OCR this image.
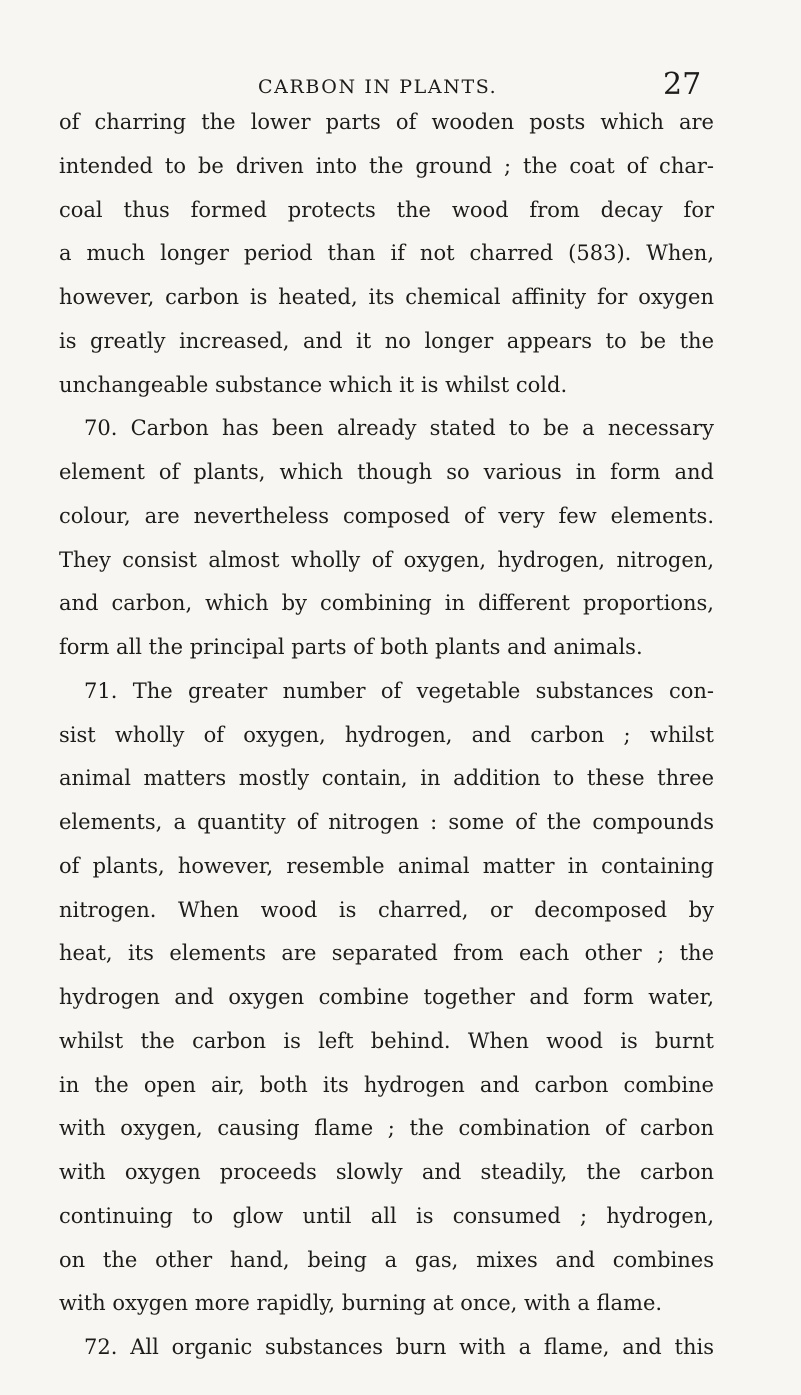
CARBON IN PLANTS.	27
of charring the lower parts of wooden posts which are
intended to be driven into the ground ; the coat of char-
coal thus formed protects the wood from decay for
a much longer period than if not charred (583). When,
however, carbon is heated, its chemical affinity for oxygen
is greatly increased, and it no longer appears to be the
unchangeable substance which it is whilst cold.
70. Carbon has been already stated to be a necessary
element of plants, which though so various in form and
colour, are nevertheless composed of very few elements.
They consist almost wholly of oxygen, hydrogen, nitrogen,
and carbon, which by combining in different proportions,
form all the principal parts of both plants and animals.
71. The greater number of vegetable substances con-
sist wholly of oxygen, hydrogen, and carbon ; whilst
animal matters mostly contain, in addition to these three
elements, a quantity of nitrogen : some of the compounds
of plants, however, resemble animal matter in containing
nitrogen. When wood is charred, or decomposed by
heat, its elements are separated from each other ; the
hydrogen and oxygen combine together and form water,
whilst the carbon is left behind. When wood is burnt
in the open air, both its hydrogen and carbon combine
with oxygen, causing flame ; the combination of carbon
with oxygen proceeds slowly and steadily, the carbon
continuing to glow until all is consumed ; hydrogen,
on the other hand, being a gas, mixes and combines
with oxygen more rapidly, burning at once, with a flame.
72. All organic substances burn with a flame, and this
